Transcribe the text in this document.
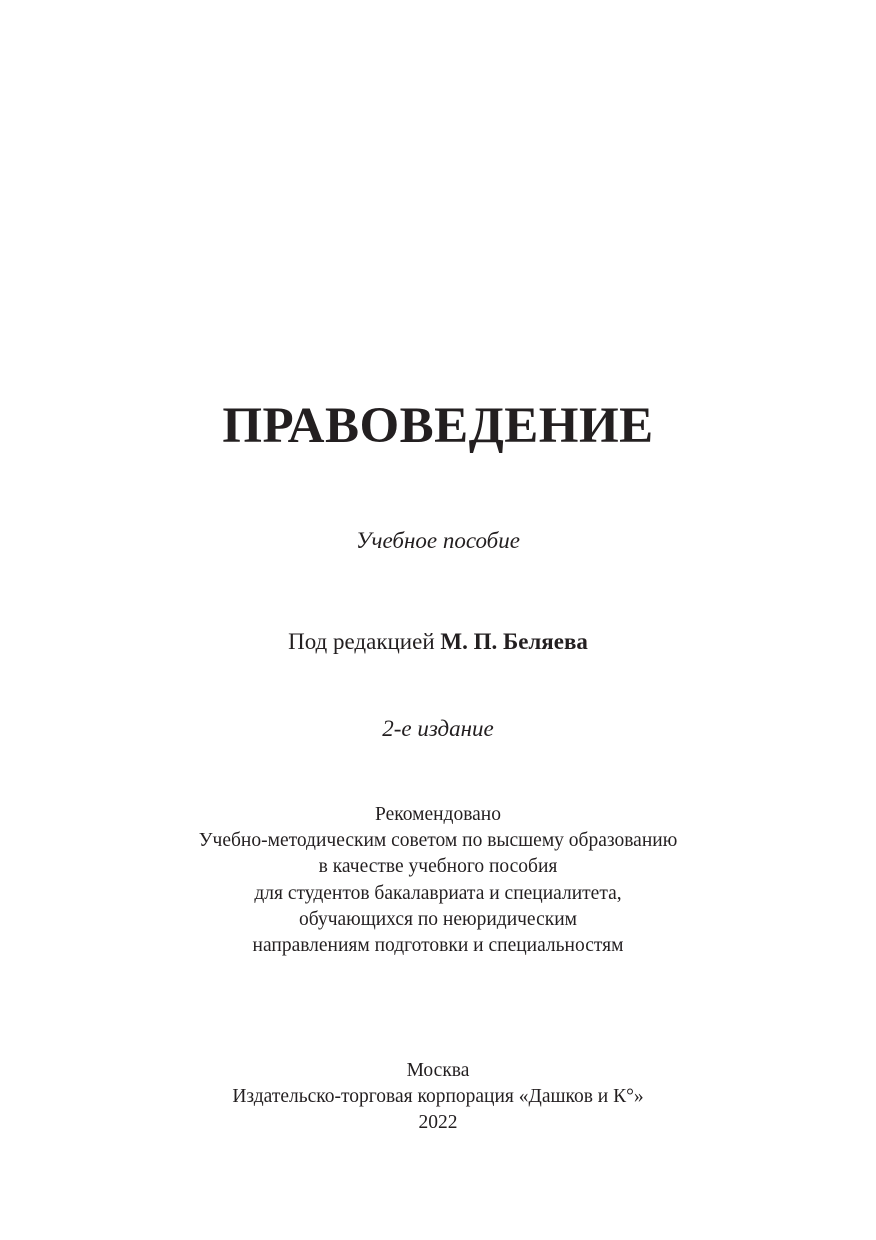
ПРАВОВЕДЕНИЕ
Учебное пособие
Под редакцией М. П. Беляева
2-е издание
Рекомендовано
Учебно-методическим советом по высшему образованию
в качестве учебного пособия
для студентов бакалавриата и специалитета,
обучающихся по неюридическим
направлениям подготовки и специальностям
Москва
Издательско-торговая корпорация «Дашков и К°»
2022
